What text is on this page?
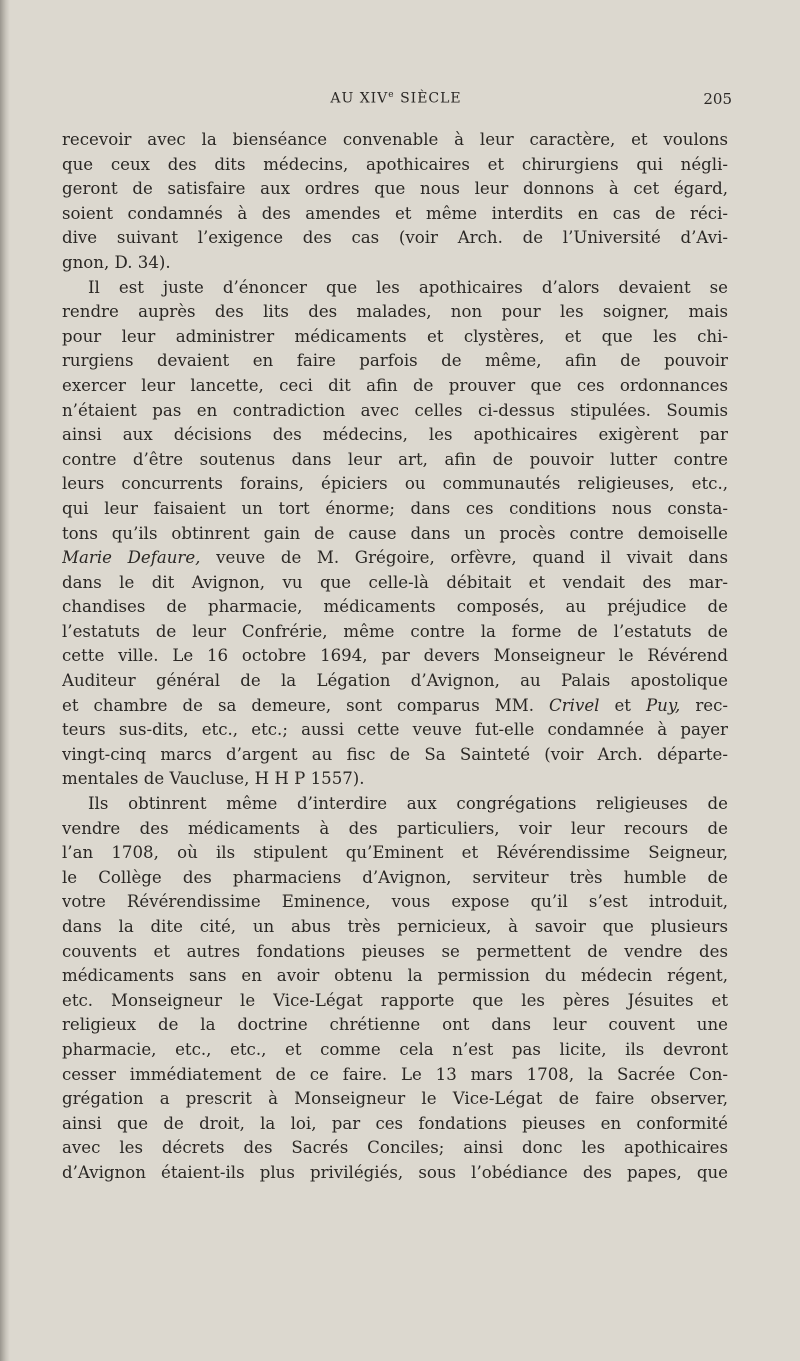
AU XIVe SIÈCLE	205
recevoir avec la bienséance convenable à leur caractère, et voulons
que ceux des dits médecins, apothicaires et chirurgiens qui négli-
geront de satisfaire aux ordres que nous leur donnons à cet égard,
soient condamnés à des amendes et même interdits en cas de réci-
dive suivant l’exigence des cas (voir Arch. de l’Université d’Avi-
gnon, D. 34).
Il est juste d’énoncer que les apothicaires d’alors devaient se
rendre auprès des lits des malades, non pour les soigner, mais
pour leur administrer médicaments et clystères, et que les chi-
rurgiens devaient en faire parfois de même, afin de pouvoir
exercer leur lancette, ceci dit afin de prouver que ces ordonnances
n’étaient pas en contradiction avec celles ci-dessus stipulées. Soumis
ainsi aux décisions des médecins, les apothicaires exigèrent par
contre d’être soutenus dans leur art, afin de pouvoir lutter contre
leurs concurrents forains, épiciers ou communautés religieuses, etc.,
qui leur faisaient un tort énorme; dans ces conditions nous consta-
tons qu’ils obtinrent gain de cause dans un procès contre demoiselle
Marie Defaure, veuve de M. Grégoire, orfèvre, quand il vivait dans
dans le dit Avignon, vu que celle-là débitait et vendait des mar-
chandises de pharmacie, médicaments composés, au préjudice de
l’estatuts de leur Confrérie, même contre la forme de l’estatuts de
cette ville. Le 16 octobre 1694, par devers Monseigneur le Révérend
Auditeur général de la Légation d’Avignon, au Palais apostolique
et chambre de sa demeure, sont comparus MM. Crivel et Puy, rec-
teurs sus-dits, etc., etc.; aussi cette veuve fut-elle condamnée à payer
vingt-cinq marcs d’argent au fisc de Sa Sainteté (voir Arch. départe-
mentales de Vaucluse, H H P 1557).
Ils obtinrent même d’interdire aux congrégations religieuses de
vendre des médicaments à des particuliers, voir leur recours de
l’an 1708, où ils stipulent qu’Eminent et Révérendissime Seigneur,
le Collège des pharmaciens d’Avignon, serviteur très humble de
votre Révérendissime Eminence, vous expose qu’il s’est introduit,
dans la dite cité, un abus très pernicieux, à savoir que plusieurs
couvents et autres fondations pieuses se permettent de vendre des
médicaments sans en avoir obtenu la permission du médecin régent,
etc. Monseigneur le Vice-Légat rapporte que les pères Jésuites et
religieux de la doctrine chrétienne ont dans leur couvent une
pharmacie, etc., etc., et comme cela n’est pas licite, ils devront
cesser immédiatement de ce faire. Le 13 mars 1708, la Sacrée Con-
grégation a prescrit à Monseigneur le Vice-Légat de faire observer,
ainsi que de droit, la loi, par ces fondations pieuses en conformité
avec les décrets des Sacrés Conciles; ainsi donc les apothicaires
d’Avignon étaient-ils plus privilégiés, sous l’obédiance des papes, que
